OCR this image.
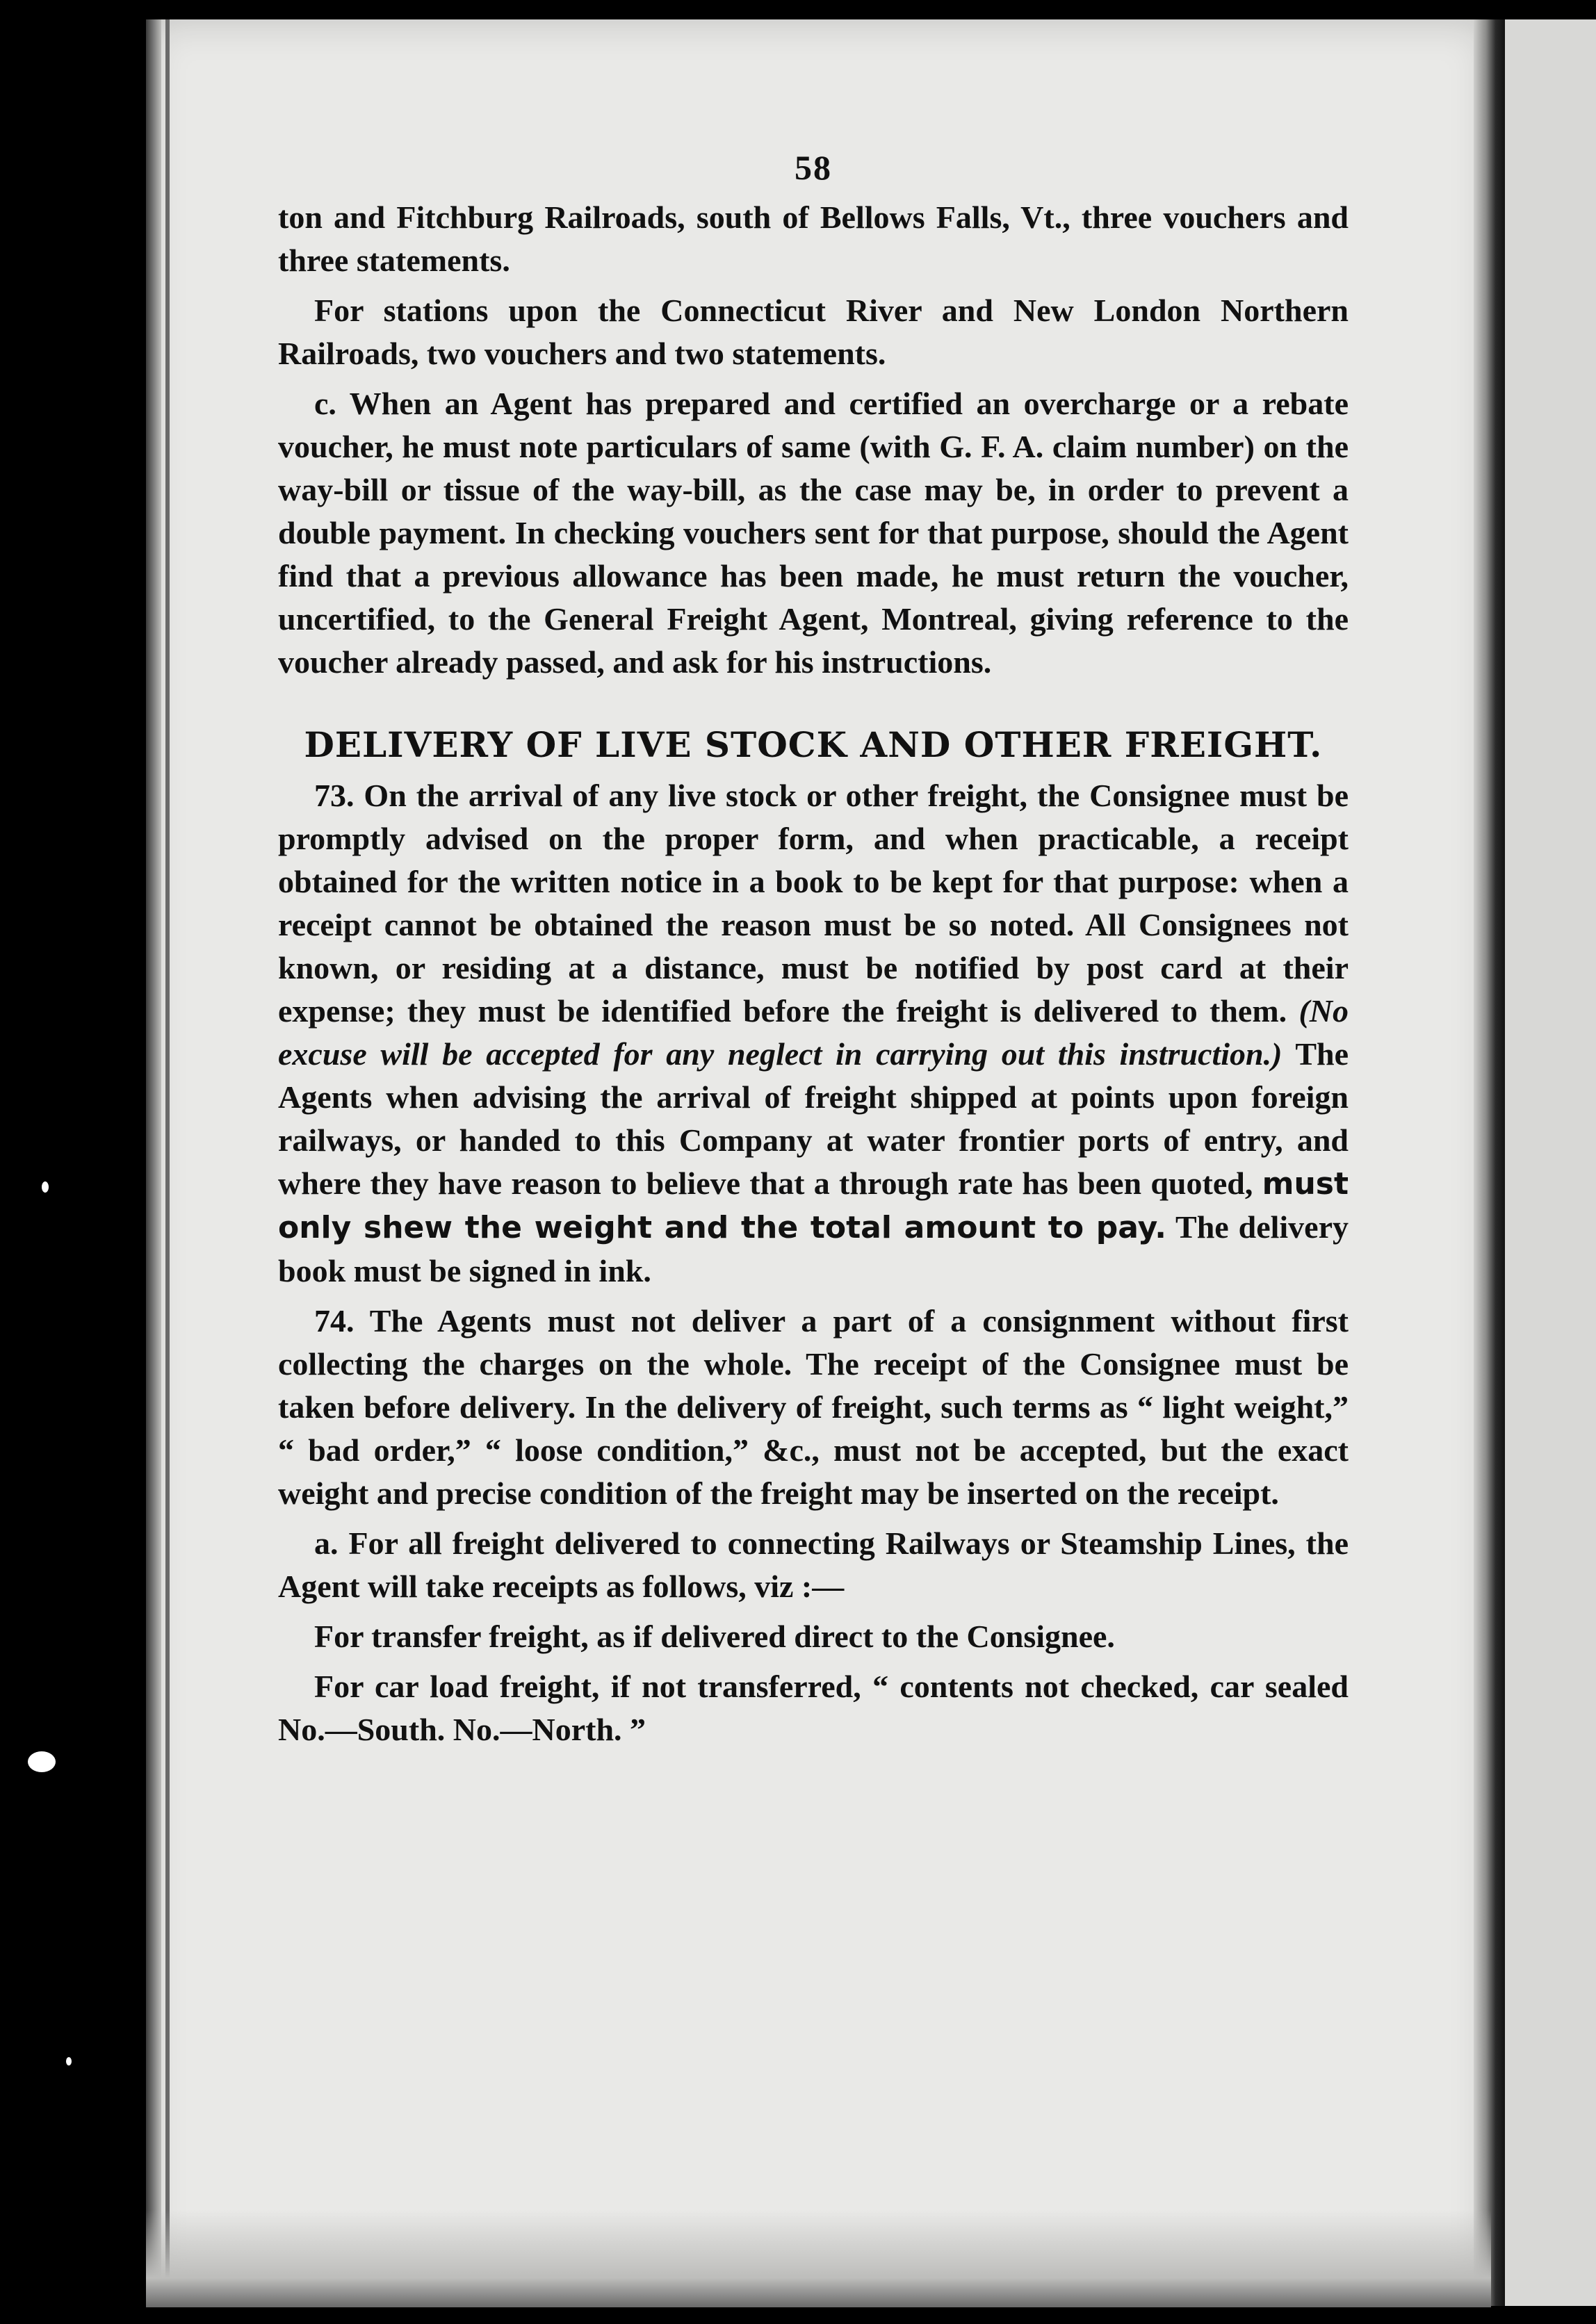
58

ton and Fitchburg Railroads, south of Bellows Falls, Vt., three vouchers and three statements.

For stations upon the Connecticut River and New London Northern Railroads, two vouchers and two statements.

c. When an Agent has prepared and certified an overcharge or a rebate voucher, he must note particulars of same (with G. F. A. claim number) on the way-bill or tissue of the way-bill, as the case may be, in order to prevent a double payment. In checking vouchers sent for that purpose, should the Agent find that a previous allowance has been made, he must return the voucher, uncertified, to the General Freight Agent, Montreal, giving reference to the voucher already passed, and ask for his instructions.

DELIVERY OF LIVE STOCK AND OTHER FREIGHT.

73. On the arrival of any live stock or other freight, the Consignee must be promptly advised on the proper form, and when practicable, a receipt obtained for the written notice in a book to be kept for that purpose: when a receipt cannot be obtained the reason must be so noted. All Consignees not known, or residing at a distance, must be notified by post card at their expense; they must be identified before the freight is delivered to them. (No excuse will be accepted for any neglect in carrying out this instruction.) The Agents when advising the arrival of freight shipped at points upon foreign railways, or handed to this Company at water frontier ports of entry, and where they have reason to believe that a through rate has been quoted, must only shew the weight and the total amount to pay. The delivery book must be signed in ink.

74. The Agents must not deliver a part of a consignment without first collecting the charges on the whole. The receipt of the Consignee must be taken before delivery. In the delivery of freight, such terms as “ light weight,” “ bad order,” “ loose condition,” &c., must not be accepted, but the exact weight and precise condition of the freight may be inserted on the receipt.

a. For all freight delivered to connecting Railways or Steamship Lines, the Agent will take receipts as follows, viz :—

For transfer freight, as if delivered direct to the Consignee.

For car load freight, if not transferred, “ contents not checked, car sealed No.—South. No.—North. ”
